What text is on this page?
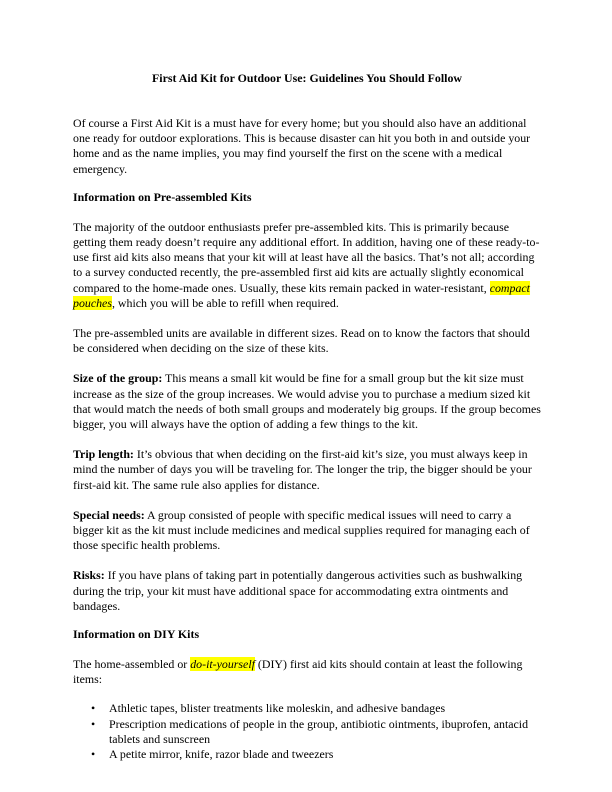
First Aid Kit for Outdoor Use: Guidelines You Should Follow

Of course a First Aid Kit is a must have for every home; but you should also have an additional one ready for outdoor explorations. This is because disaster can hit you both in and outside your home and as the name implies, you may find yourself the first on the scene with a medical emergency.

Information on Pre-assembled Kits

The majority of the outdoor enthusiasts prefer pre-assembled kits. This is primarily because getting them ready doesn’t require any additional effort. In addition, having one of these ready-to-use first aid kits also means that your kit will at least have all the basics. That’s not all; according to a survey conducted recently, the pre-assembled first aid kits are actually slightly economical compared to the home-made ones. Usually, these kits remain packed in water-resistant, compact pouches, which you will be able to refill when required.

The pre-assembled units are available in different sizes. Read on to know the factors that should be considered when deciding on the size of these kits.

Size of the group: This means a small kit would be fine for a small group but the kit size must increase as the size of the group increases. We would advise you to purchase a medium sized kit that would match the needs of both small groups and moderately big groups. If the group becomes bigger, you will always have the option of adding a few things to the kit.

Trip length: It’s obvious that when deciding on the first-aid kit’s size, you must always keep in mind the number of days you will be traveling for. The longer the trip, the bigger should be your first-aid kit. The same rule also applies for distance.

Special needs: A group consisted of people with specific medical issues will need to carry a bigger kit as the kit must include medicines and medical supplies required for managing each of those specific health problems.

Risks: If you have plans of taking part in potentially dangerous activities such as bushwalking during the trip, your kit must have additional space for accommodating extra ointments and bandages.

Information on DIY Kits

The home-assembled or do-it-yourself (DIY) first aid kits should contain at least the following items:

• Athletic tapes, blister treatments like moleskin, and adhesive bandages
• Prescription medications of people in the group, antibiotic ointments, ibuprofen, antacid tablets and sunscreen
• A petite mirror, knife, razor blade and tweezers
